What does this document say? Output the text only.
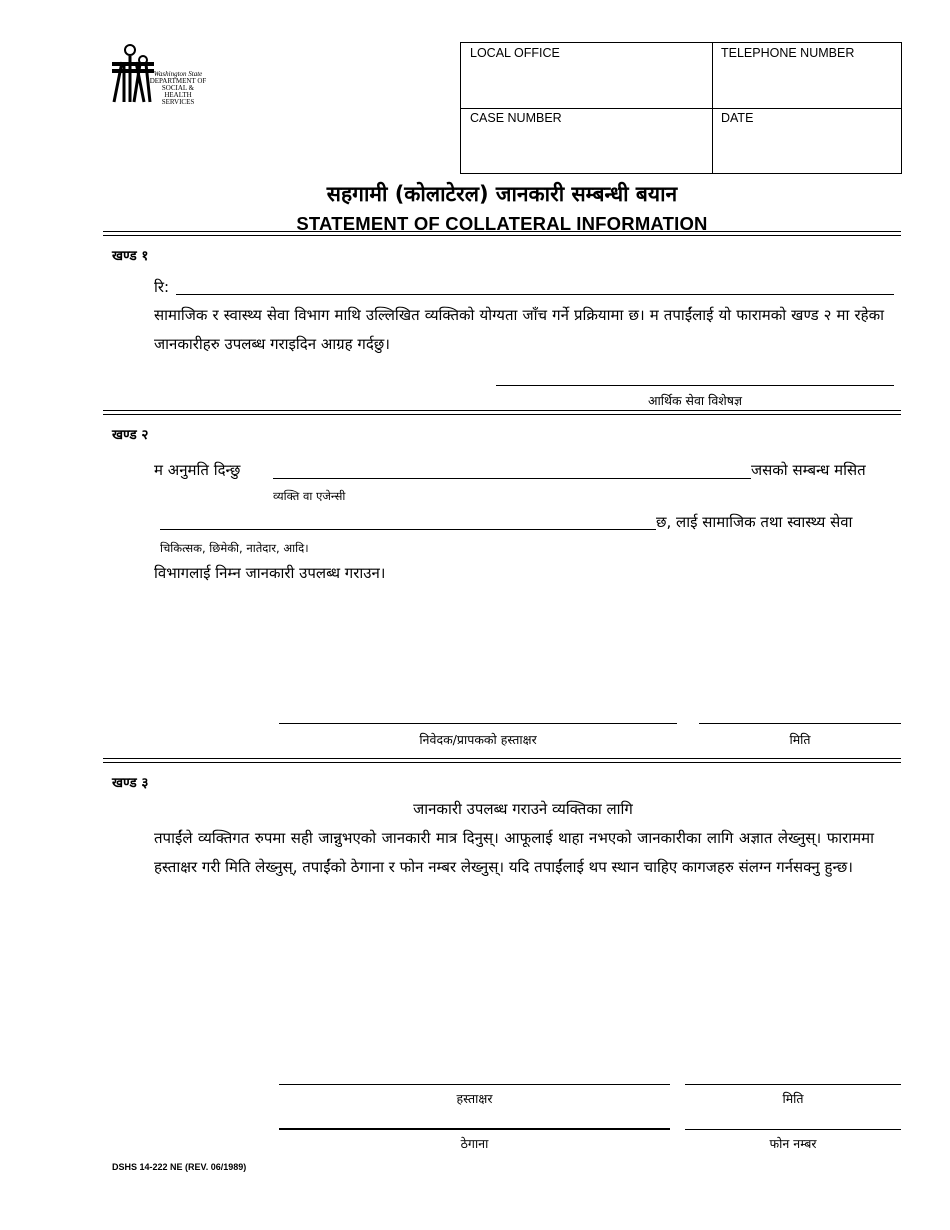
Washington State
DEPARTMENT OF
SOCIAL & HEALTH
SERVICES
LOCAL OFFICE	TELEPHONE NUMBER
CASE NUMBER	DATE
सहगामी (कोलाटेरल) जानकारी सम्बन्धी बयान
STATEMENT OF COLLATERAL INFORMATION
खण्ड १
रि:
सामाजिक र स्वास्थ्य सेवा विभाग माथि उल्लिखित व्यक्तिको योग्यता जाँच गर्ने प्रक्रियामा छ। म तपाईंलाई यो फारामको खण्ड २ मा रहेका जानकारीहरु उपलब्ध गराइदिन आग्रह गर्दछु।
आर्थिक सेवा विशेषज्ञ
खण्ड २
म अनुमति दिन्छु	जसको सम्बन्ध मसित
व्यक्ति वा एजेन्सी
छ, लाई सामाजिक तथा स्वास्थ्य सेवा
चिकित्सक, छिमेकी, नातेदार, आदि।
विभागलाई निम्न जानकारी उपलब्ध गराउन।
निवेदक/प्रापकको हस्ताक्षर	मिति
खण्ड ३
जानकारी उपलब्ध गराउने व्यक्तिका लागि
तपाईंले व्यक्तिगत रुपमा सही जान्नुभएको जानकारी मात्र दिनुस्। आफूलाई थाहा नभएको जानकारीका लागि अज्ञात लेख्नुस्। फाराममा हस्ताक्षर गरी मिति लेख्नुस्, तपाईंको ठेगाना र फोन नम्बर लेख्नुस्। यदि तपाईंलाई थप स्थान चाहिए कागजहरु संलग्न गर्नसक्नु हुन्छ।
हस्ताक्षर	मिति
ठेगाना	फोन नम्बर
DSHS 14-222 NE (REV. 06/1989)
